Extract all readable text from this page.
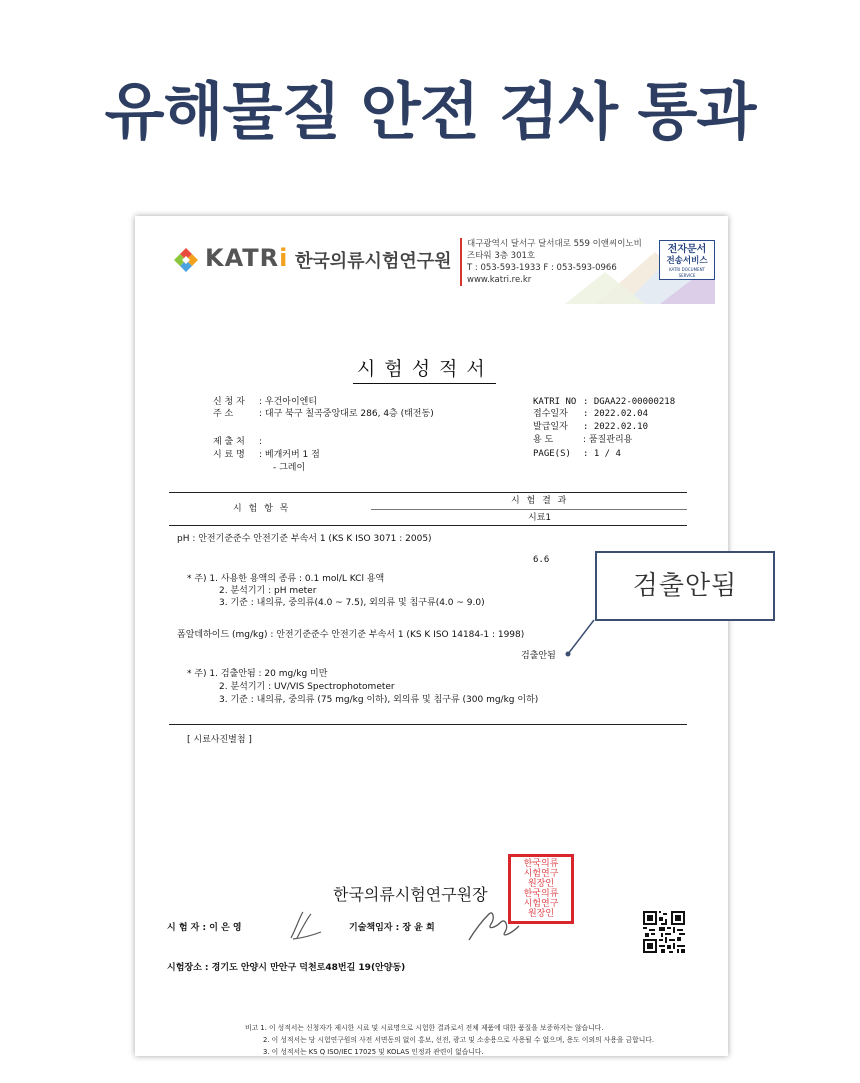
유해물질 안전 검사 통과
KATRi 한국의류시험연구원
대구광역시 달서구 달서대로 559 이앤씨이노비
즈타워 3층 301호
T : 053-593-1933 F : 053-593-0966
www.katri.re.kr
전자문서
전송서비스
KATRI DOCUMENT SERVICE
시험성적서
신 청 자 : 우건아이엔티
주 소	: 대구 북구 칠곡중앙대로 286, 4층 (태전동)
제 출 처 :
시 료 명 : 베개커버 1 점
- 그레이
KATRI NO : DGAA22-00000218
접수일자 : 2022.02.04
발급일자 : 2022.02.10
용 도	: 품질관리용
PAGE(S) : 1 / 4
시 험 항 목
시 험 결 과
시료1
pH : 안전기준준수 안전기준 부속서 1 (KS K ISO 3071 : 2005)
6.6
* 주) 1. 사용한 용액의 종류 : 0.1 mol/L KCl 용액
2. 분석기기 : pH meter
3. 기준 : 내의류, 중의류(4.0 ~ 7.5), 외의류 및 침구류(4.0 ~ 9.0)
폼알데하이드 (mg/kg) : 안전기준준수 안전기준 부속서 1 (KS K ISO 14184-1 : 1998)
검출안됨
* 주) 1. 검출안됨 : 20 mg/kg 미만
2. 분석기기 : UV/VIS Spectrophotometer
3. 기준 : 내의류, 중의류 (75 mg/kg 이하), 외의류 및 침구류 (300 mg/kg 이하)
[ 시료사진별첨 ]
한국의류시험연구원장
한국의류
시험연구
원장인
한국의류
시험연구
원장인
시 험 자 : 이 은 영	기술책임자 : 장 윤 희
시험장소 : 경기도 안양시 만안구 덕천로48번길 19(안양동)
비고 1. 이 성적서는 신청자가 제시한 시료 및 시료명으로 시험한 결과로서 전체 제품에 대한 품질을 보증하지는 않습니다.
2. 이 성적서는 당 시험연구원의 사전 서면동의 없이 홍보, 선전, 광고 및 소송용으로 사용될 수 없으며, 용도 이외의 사용을 금합니다.
3. 이 성적서는 KS Q ISO/IEC 17025 및 KOLAS 인정과 관련이 없습니다.
검출안됨
